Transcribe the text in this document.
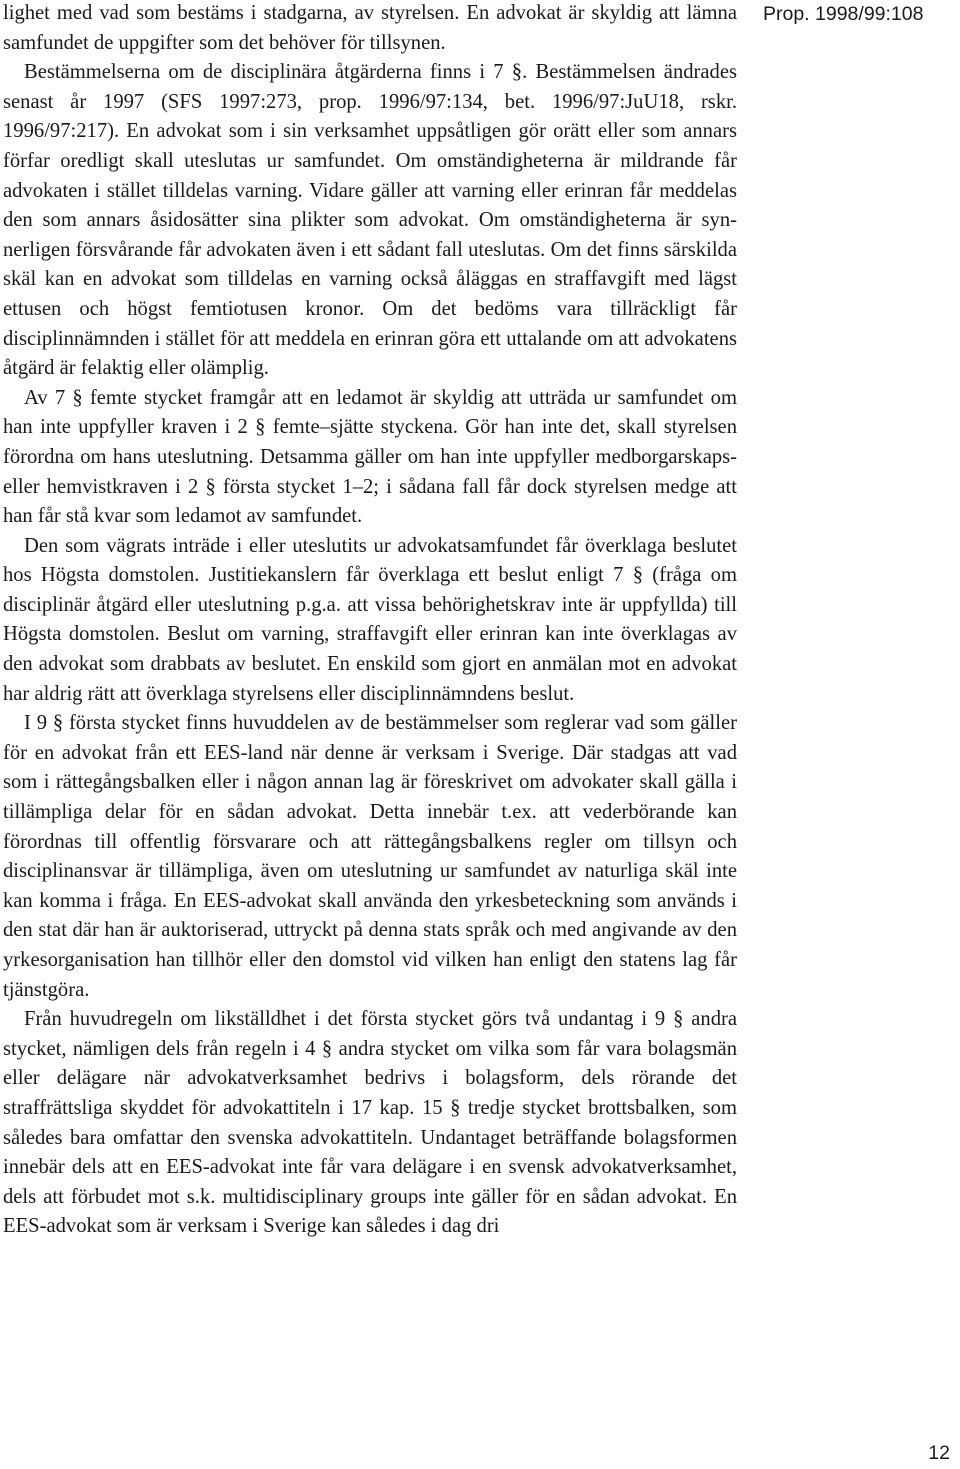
Prop. 1998/99:108

lighet med vad som bestäms i stadgarna, av styrelsen. En advokat är skyldig att lämna samfundet de uppgifter som det behöver för tillsynen.

Bestämmelserna om de disciplinära åtgärderna finns i 7 §. Bestämmelsen ändrades senast år 1997 (SFS 1997:273, prop. 1996/97:134, bet. 1996/97:JuU18, rskr. 1996/97:217). En advokat som i sin verksamhet uppsåtligen gör orätt eller som annars förfar oredligt skall uteslutas ur samfundet. Om omständigheterna är mildrande får advokaten i stället tilldelas varning. Vidare gäller att varning eller erinran får meddelas den som annars åsidosätter sina plikter som advokat. Om omständigheterna är synnerligen försvårande får advokaten även i ett sådant fall uteslutas. Om det finns särskilda skäl kan en advokat som tilldelas en varning också åläggas en straffavgift med lägst ettusen och högst femtiotusen kronor. Om det bedöms vara tillräckligt får disciplinnämnden i stället för att meddela en erinran göra ett uttalande om att advokatens åtgärd är felaktig eller olämplig.

Av 7 § femte stycket framgår att en ledamot är skyldig att utträda ur samfundet om han inte uppfyller kraven i 2 § femte–sjätte styckena. Gör han inte det, skall styrelsen förordna om hans uteslutning. Detsamma gäller om han inte uppfyller medborgarskaps- eller hemvistkraven i 2 § första stycket 1–2; i sådana fall får dock styrelsen medge att han får stå kvar som ledamot av samfundet.

Den som vägrats inträde i eller uteslutits ur advokatsamfundet får överklaga beslutet hos Högsta domstolen. Justitiekanslern får överklaga ett beslut enligt 7 § (fråga om disciplinär åtgärd eller uteslutning p.g.a. att vissa behörighetskrav inte är uppfyllda) till Högsta domstolen. Beslut om varning, straffavgift eller erinran kan inte överklagas av den advokat som drabbats av beslutet. En enskild som gjort en anmälan mot en advokat har aldrig rätt att överklaga styrelsens eller disciplinnämndens beslut.

I 9 § första stycket finns huvuddelen av de bestämmelser som reglerar vad som gäller för en advokat från ett EES-land när denne är verksam i Sverige. Där stadgas att vad som i rättegångsbalken eller i någon annan lag är föreskrivet om advokater skall gälla i tillämpliga delar för en sådan advokat. Detta innebär t.ex. att vederbörande kan förordnas till offentlig försvarare och att rättegångsbalkens regler om tillsyn och disciplinansvar är tillämpliga, även om uteslutning ur samfundet av naturliga skäl inte kan komma i fråga. En EES-advokat skall använda den yrkesbeteckning som används i den stat där han är auktoriserad, uttryckt på denna stats språk och med angivande av den yrkesorganisation han tillhör eller den domstol vid vilken han enligt den statens lag får tjänstgöra.

Från huvudregeln om likställdhet i det första stycket görs två undantag i 9 § andra stycket, nämligen dels från regeln i 4 § andra stycket om vilka som får vara bolagsmän eller delägare när advokatverksamhet bedrivs i bolagsform, dels rörande det straffrättsliga skyddet för advokattiteln i 17 kap. 15 § tredje stycket brottsbalken, som således bara omfattar den svenska advokattiteln. Undantaget beträffande bolagsformen innebär dels att en EES-advokat inte får vara delägare i en svensk advokatverksamhet, dels att förbudet mot s.k. multidisciplinary groups inte gäller för en sådan advokat. En EES-advokat som är verksam i Sverige kan således i dag dri

12
